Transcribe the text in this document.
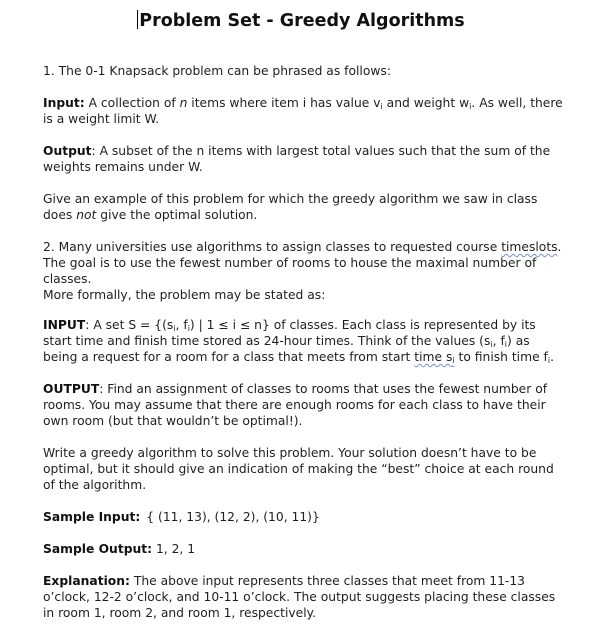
Problem Set - Greedy Algorithms

1. The 0-1 Knapsack problem can be phrased as follows:

Input: A collection of n items where item i has value $v_i$ and weight $w_i$. As well, there is a weight limit W.

Output: A subset of the n items with largest total values such that the sum of the weights remains under W.

Give an example of this problem for which the greedy algorithm we saw in class does not give the optimal solution.

2. Many universities use algorithms to assign classes to requested course timeslots. The goal is to use the fewest number of rooms to house the maximal number of classes.

More formally, the problem may be stated as:

INPUT: A set $S = \{(s_i$, $f_i$) | 1 ≤ i ≤ n} of classes. Each class is represented by its start time and finish time stored as 24-hour times. Think of the values ($s_i$, $f_i$) as being a request for a room for a class that meets from start time $s_i$ to finish time $f_i$.

OUTPUT: Find an assignment of classes to rooms that uses the fewest number of rooms. You may assume that there are enough rooms for each class to have their own room (but that wouldn’t be optimal!).

Write a greedy algorithm to solve this problem. Your solution doesn’t have to be optimal, but it should give an indication of making the “best” choice at each round of the algorithm.

Sample Input: { (11, 13), (12, 2), (10, 11)}

Sample Output: 1, 2, 1

Explanation: The above input represents three classes that meet from 11-13 o’clock, 12-2 o’clock, and 10-11 o’clock. The output suggests placing these classes in room 1, room 2, and room 1, respectively.
